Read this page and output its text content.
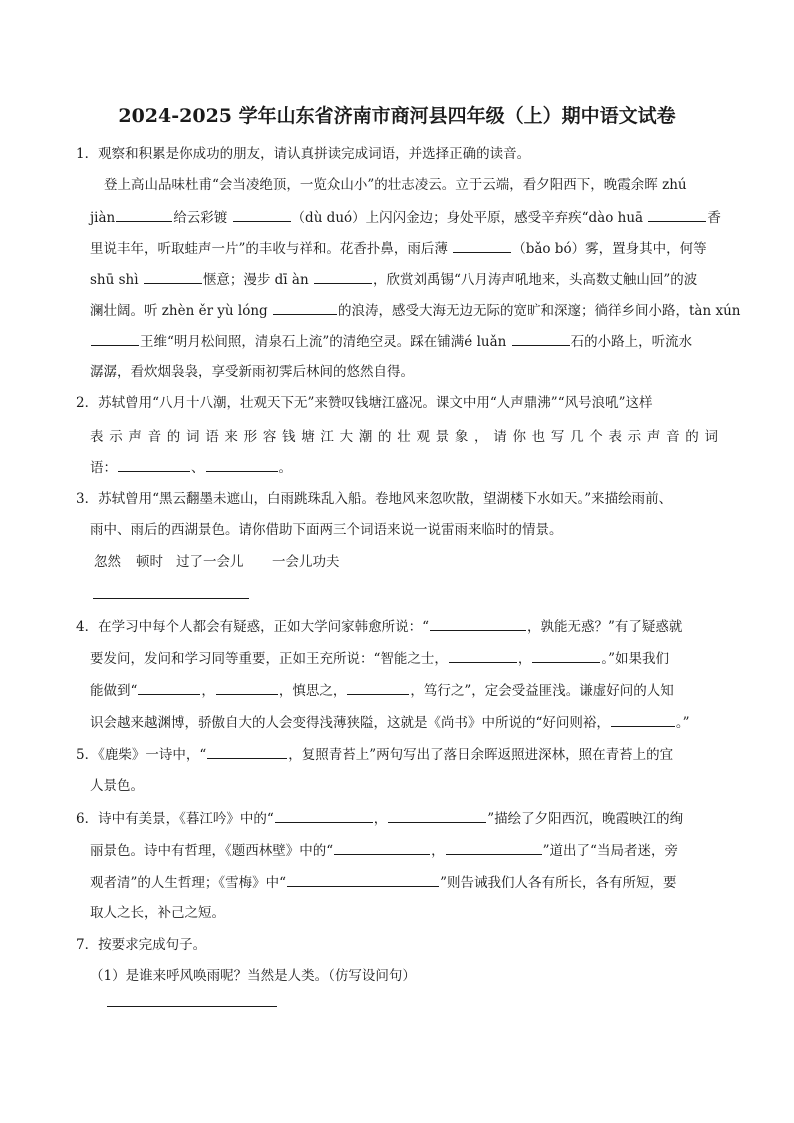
2024-2025 学年山东省济南市商河县四年级（上）期中语文试卷
1．观察和积累是你成功的朋友，请认真拼读完成词语，并选择正确的读音。
登上高山品味杜甫“会当凌绝顶，一览众山小”的壮志凌云。立于云端，看夕阳西下，晚霞余晖 zhú
jiàn	给云彩镀	（dù duó）上闪闪金边；身处平原，感受辛弃疾“dào huā	香
里说丰年，听取蛙声一片”的丰收与祥和。花香扑鼻，雨后薄	（bǎo bó）雾，置身其中，何等
shū shì	惬意；漫步 dī àn	，欣赏刘禹锡“八月涛声吼地来，头高数丈触山回”的波
澜壮阔。听 zhèn ěr yù lóng	的浪涛，感受大海无边无际的宽旷和深邃；徜徉乡间小路，tàn xún
王维“明月松间照，清泉石上流”的清绝空灵。踩在铺满é luǎn	石的小路上，听流水
潺潺，看炊烟袅袅，享受新雨初霁后林间的悠然自得。
2．苏轼曾用“八月十八潮，壮观天下无”来赞叹钱塘江盛况。课文中用“人声鼎沸”“风号浪吼”这样
表示声音的词语来形容钱塘江大潮的壮观景象，请你也写几个表示声音的词
语：	、	。
3．苏轼曾用“黑云翻墨未遮山，白雨跳珠乱入船。卷地风来忽吹散，望湖楼下水如天。”来描绘雨前、
雨中、雨后的西湖景色。请你借助下面两三个词语来说一说雷雨来临时的情景。
忽然 顿时 过了一会儿 一会儿功夫
4．在学习中每个人都会有疑惑，正如大学问家韩愈所说：“	，孰能无惑？”有了疑惑就
要发问，发问和学习同等重要，正如王充所说：“智能之士，	，	。”如果我们
能做到“	，	，慎思之，	，笃行之”，定会受益匪浅。谦虚好问的人知
识会越来越渊博，骄傲自大的人会变得浅薄狭隘，这就是《尚书》中所说的“好问则裕，	。”
5．《鹿柴》一诗中，“	，复照青苔上”两句写出了落日余晖返照进深林，照在青苔上的宜
人景色。
6．诗中有美景，《暮江吟》中的“	，	”描绘了夕阳西沉，晚霞映江的绚
丽景色。诗中有哲理，《题西林壁》中的“	，	”道出了“当局者迷，旁
观者清”的人生哲理；《雪梅》中“	”则告诫我们人各有所长，各有所短，要
取人之长，补己之短。
7．按要求完成句子。
（1）是谁来呼风唤雨呢？当然是人类。（仿写设问句）
